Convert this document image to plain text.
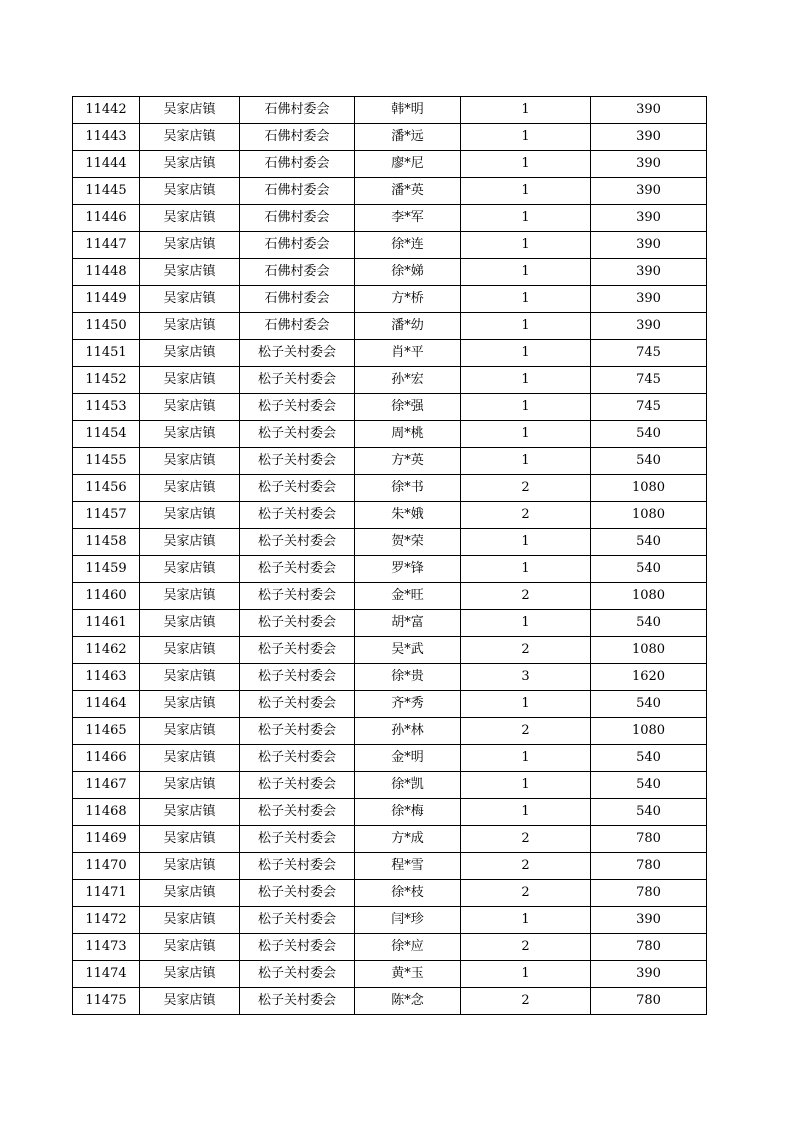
11442	吴家店镇	石佛村委会	韩*明	1	390
11443	吴家店镇	石佛村委会	潘*远	1	390
11444	吴家店镇	石佛村委会	廖*尼	1	390
11445	吴家店镇	石佛村委会	潘*英	1	390
11446	吴家店镇	石佛村委会	李*军	1	390
11447	吴家店镇	石佛村委会	徐*连	1	390
11448	吴家店镇	石佛村委会	徐*娣	1	390
11449	吴家店镇	石佛村委会	方*桥	1	390
11450	吴家店镇	石佛村委会	潘*幼	1	390
11451	吴家店镇	松子关村委会	肖*平	1	745
11452	吴家店镇	松子关村委会	孙*宏	1	745
11453	吴家店镇	松子关村委会	徐*强	1	745
11454	吴家店镇	松子关村委会	周*桃	1	540
11455	吴家店镇	松子关村委会	方*英	1	540
11456	吴家店镇	松子关村委会	徐*书	2	1080
11457	吴家店镇	松子关村委会	朱*娥	2	1080
11458	吴家店镇	松子关村委会	贺*荣	1	540
11459	吴家店镇	松子关村委会	罗*锋	1	540
11460	吴家店镇	松子关村委会	金*旺	2	1080
11461	吴家店镇	松子关村委会	胡*富	1	540
11462	吴家店镇	松子关村委会	吴*武	2	1080
11463	吴家店镇	松子关村委会	徐*贵	3	1620
11464	吴家店镇	松子关村委会	齐*秀	1	540
11465	吴家店镇	松子关村委会	孙*林	2	1080
11466	吴家店镇	松子关村委会	金*明	1	540
11467	吴家店镇	松子关村委会	徐*凯	1	540
11468	吴家店镇	松子关村委会	徐*梅	1	540
11469	吴家店镇	松子关村委会	方*成	2	780
11470	吴家店镇	松子关村委会	程*雪	2	780
11471	吴家店镇	松子关村委会	徐*枝	2	780
11472	吴家店镇	松子关村委会	闫*珍	1	390
11473	吴家店镇	松子关村委会	徐*应	2	780
11474	吴家店镇	松子关村委会	黄*玉	1	390
11475	吴家店镇	松子关村委会	陈*念	2	780
